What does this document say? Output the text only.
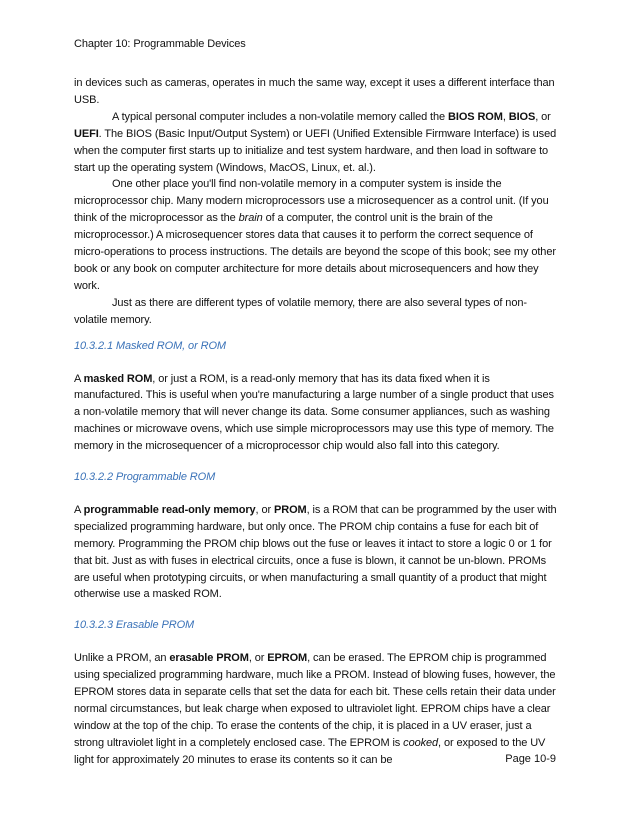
Chapter 10: Programmable Devices

in devices such as cameras, operates in much the same way, except it uses a different interface than USB.

A typical personal computer includes a non-volatile memory called the BIOS ROM, BIOS, or UEFI. The BIOS (Basic Input/Output System) or UEFI (Unified Extensible Firmware Interface) is used when the computer first starts up to initialize and test system hardware, and then load in software to start up the operating system (Windows, MacOS, Linux, et. al.).

One other place you'll find non-volatile memory in a computer system is inside the microprocessor chip. Many modern microprocessors use a microsequencer as a control unit. (If you think of the microprocessor as the brain of a computer, the control unit is the brain of the microprocessor.) A microsequencer stores data that causes it to perform the correct sequence of micro-operations to process instructions. The details are beyond the scope of this book; see my other book or any book on computer architecture for more details about microsequencers and how they work.

Just as there are different types of volatile memory, there are also several types of non-volatile memory.

10.3.2.1 Masked ROM, or ROM

A masked ROM, or just a ROM, is a read-only memory that has its data fixed when it is manufactured. This is useful when you're manufacturing a large number of a single product that uses a non-volatile memory that will never change its data. Some consumer appliances, such as washing machines or microwave ovens, which use simple microprocessors may use this type of memory. The memory in the microsequencer of a microprocessor chip would also fall into this category.

10.3.2.2 Programmable ROM

A programmable read-only memory, or PROM, is a ROM that can be programmed by the user with specialized programming hardware, but only once. The PROM chip contains a fuse for each bit of memory. Programming the PROM chip blows out the fuse or leaves it intact to store a logic 0 or 1 for that bit. Just as with fuses in electrical circuits, once a fuse is blown, it cannot be un-blown. PROMs are useful when prototyping circuits, or when manufacturing a small quantity of a product that might otherwise use a masked ROM.

10.3.2.3 Erasable PROM

Unlike a PROM, an erasable PROM, or EPROM, can be erased. The EPROM chip is programmed using specialized programming hardware, much like a PROM. Instead of blowing fuses, however, the EPROM stores data in separate cells that set the data for each bit. These cells retain their data under normal circumstances, but leak charge when exposed to ultraviolet light. EPROM chips have a clear window at the top of the chip. To erase the contents of the chip, it is placed in a UV eraser, just a strong ultraviolet light in a completely enclosed case. The EPROM is cooked, or exposed to the UV light for approximately 20 minutes to erase its contents so it can be	Page 10-9
